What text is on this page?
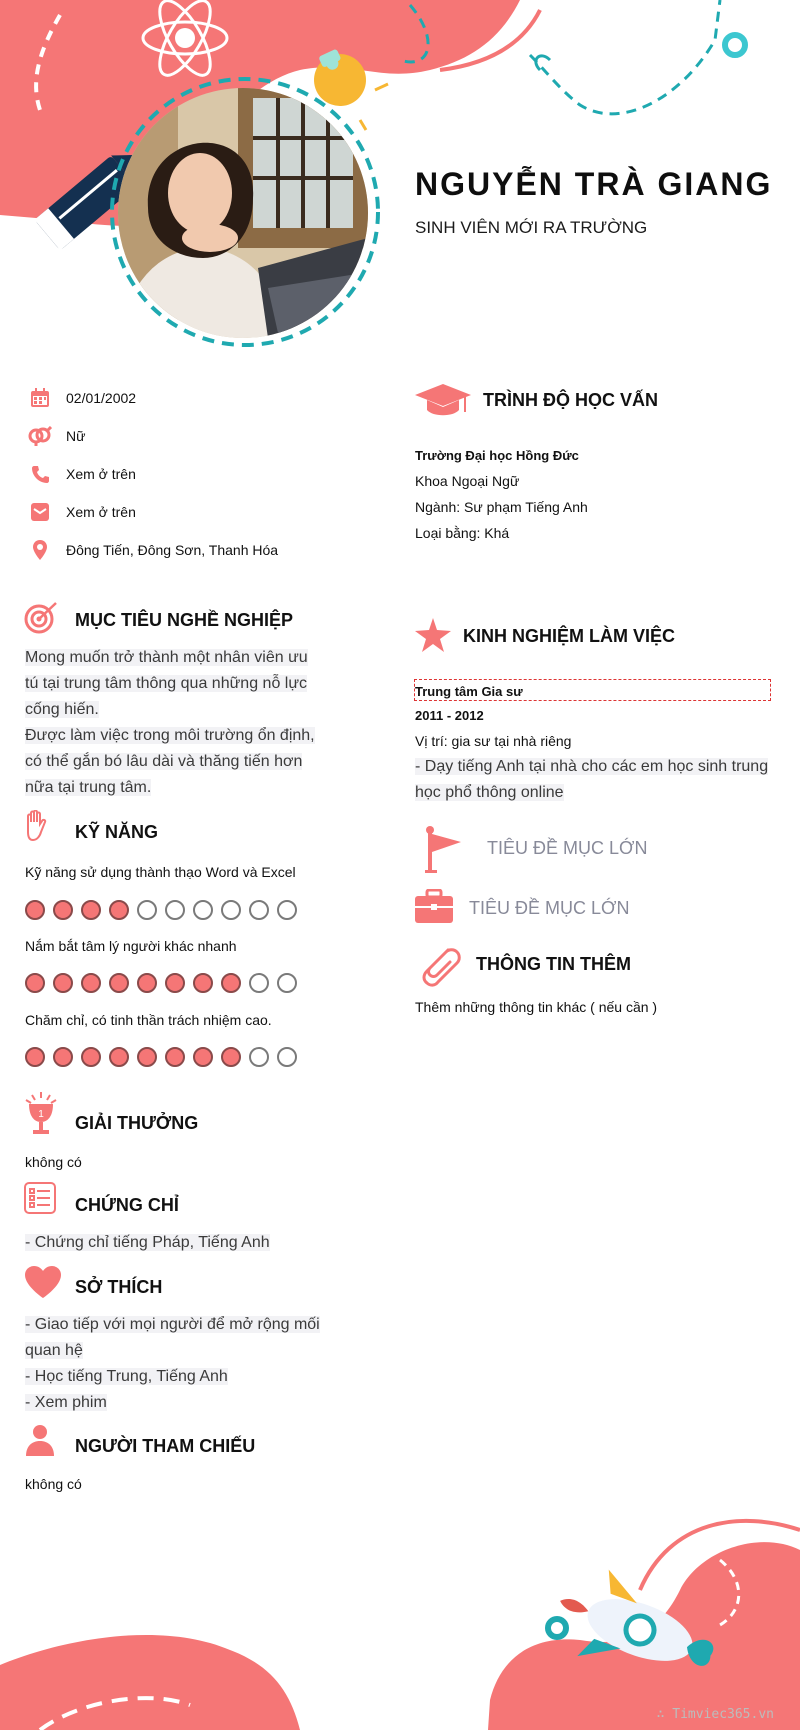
NGUYỄN TRÀ GIANG
SINH VIÊN MỚI RA TRƯỜNG
02/01/2002
Nữ
Xem ở trên
Xem ở trên
Đông Tiến, Đông Sơn, Thanh Hóa
MỤC TIÊU NGHỀ NGHIỆP
Mong muốn trở thành một nhân viên ưu
tú tại trung tâm thông qua những nỗ lực
cống hiến.
Được làm việc trong môi trường ổn định,
có thể gắn bó lâu dài và thăng tiến hơn
nữa tại trung tâm.
KỸ NĂNG
Kỹ năng sử dụng thành thạo Word và Excel
Nắm bắt tâm lý người khác nhanh
Chăm chỉ, có tinh thần trách nhiệm cao.
1 GIẢI THƯỞNG
không có
CHỨNG CHỈ
- Chứng chỉ tiếng Pháp, Tiếng Anh
SỞ THÍCH
- Giao tiếp với mọi người để mở rộng mối
quan hệ
- Học tiếng Trung, Tiếng Anh
- Xem phim
NGƯỜI THAM CHIẾU
không có
TRÌNH ĐỘ HỌC VẤN
Trường Đại học Hồng Đức
Khoa Ngoại Ngữ
Ngành: Sư phạm Tiếng Anh
Loại bằng: Khá
KINH NGHIỆM LÀM VIỆC
Trung tâm Gia sư
2011 - 2012
Vị trí: gia sư tại nhà riêng
- Dạy tiếng Anh tại nhà cho các em học sinh trung
học phổ thông online
TIÊU ĐỀ MỤC LỚN
TIÊU ĐỀ MỤC LỚN
THÔNG TIN THÊM
Thêm những thông tin khác ( nếu cần )
∴ Timviec365.vn
